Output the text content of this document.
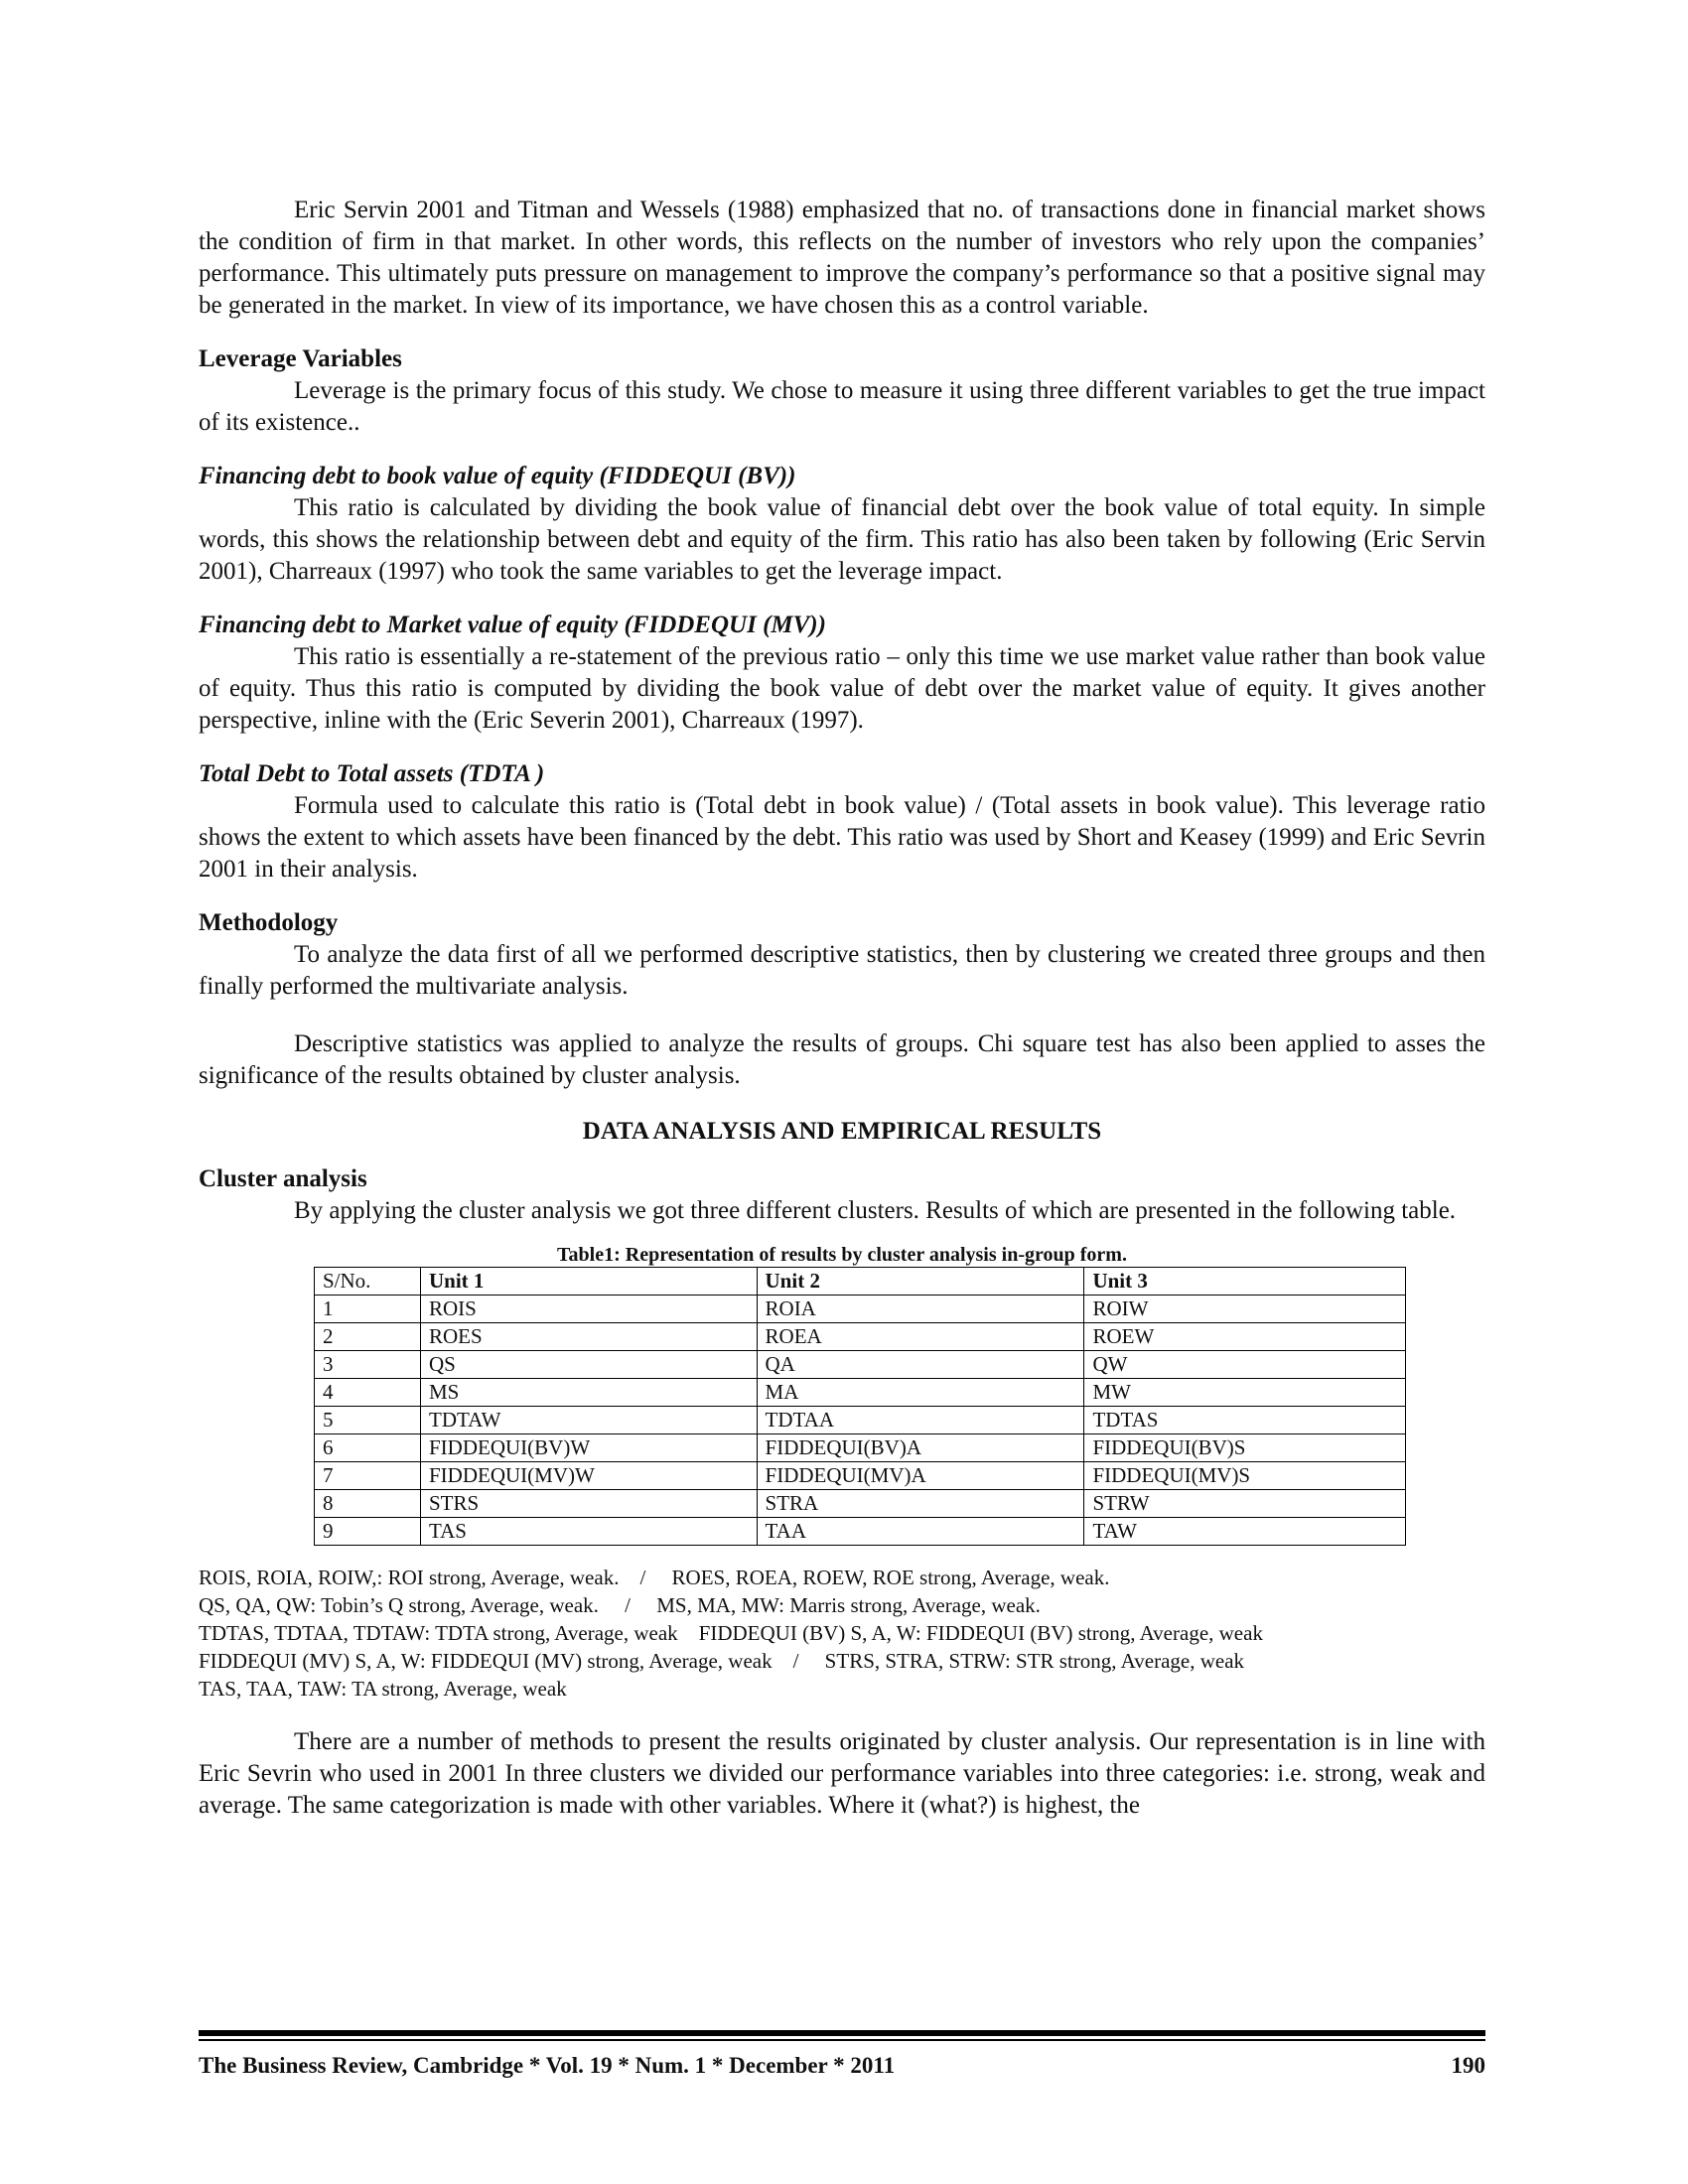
Eric Servin 2001 and Titman and Wessels (1988) emphasized that no. of transactions done in financial market shows the condition of firm in that market. In other words, this reflects on the number of investors who rely upon the companies’ performance. This ultimately puts pressure on management to improve the company’s performance so that a positive signal may be generated in the market. In view of its importance, we have chosen this as a control variable.

Leverage Variables

Leverage is the primary focus of this study. We chose to measure it using three different variables to get the true impact of its existence..

Financing debt to book value of equity (FIDDEQUI (BV))

This ratio is calculated by dividing the book value of financial debt over the book value of total equity. In simple words, this shows the relationship between debt and equity of the firm. This ratio has also been taken by following (Eric Servin 2001), Charreaux (1997) who took the same variables to get the leverage impact.

Financing debt to Market value of equity (FIDDEQUI (MV))

This ratio is essentially a re-statement of the previous ratio – only this time we use market value rather than book value of equity. Thus this ratio is computed by dividing the book value of debt over the market value of equity. It gives another perspective, inline with the (Eric Severin 2001), Charreaux (1997).

Total Debt to Total assets (TDTA )

Formula used to calculate this ratio is (Total debt in book value) / (Total assets in book value). This leverage ratio shows the extent to which assets have been financed by the debt. This ratio was used by Short and Keasey (1999) and Eric Sevrin 2001 in their analysis.

Methodology

To analyze the data first of all we performed descriptive statistics, then by clustering we created three groups and then finally performed the multivariate analysis.

Descriptive statistics was applied to analyze the results of groups. Chi square test has also been applied to asses the significance of the results obtained by cluster analysis.

DATA ANALYSIS AND EMPIRICAL RESULTS

Cluster analysis

By applying the cluster analysis we got three different clusters. Results of which are presented in the following table.

Table1: Representation of results by cluster analysis in-group form.

S/No.	Unit 1	Unit 2	Unit 3
1	ROIS	ROIA	ROIW
2	ROES	ROEA	ROEW
3	QS	QA	QW
4	MS	MA	MW
5	TDTAW	TDTAA	TDTAS
6	FIDDEQUI(BV)W	FIDDEQUI(BV)A	FIDDEQUI(BV)S
7	FIDDEQUI(MV)W	FIDDEQUI(MV)A	FIDDEQUI(MV)S
8	STRS	STRA	STRW
9	TAS	TAA	TAW

ROIS, ROIA, ROIW,: ROI strong, Average, weak.    /     ROES, ROEA, ROEW, ROE strong, Average, weak.

QS, QA, QW: Tobin’s Q strong, Average, weak.     /     MS, MA, MW: Marris strong, Average, weak.

TDTAS, TDTAA, TDTAW: TDTA strong, Average, weak    FIDDEQUI (BV) S, A, W: FIDDEQUI (BV) strong, Average, weak

FIDDEQUI (MV) S, A, W: FIDDEQUI (MV) strong, Average, weak    /     STRS, STRA, STRW: STR strong, Average, weak

TAS, TAA, TAW: TA strong, Average, weak

There are a number of methods to present the results originated by cluster analysis. Our representation is in line with Eric Sevrin who used in 2001 In three clusters we divided our performance variables into three categories: i.e. strong, weak and average. The same categorization is made with other variables. Where it (what?) is highest, the

The Business Review, Cambridge * Vol. 19 * Num. 1 * December * 2011	190
